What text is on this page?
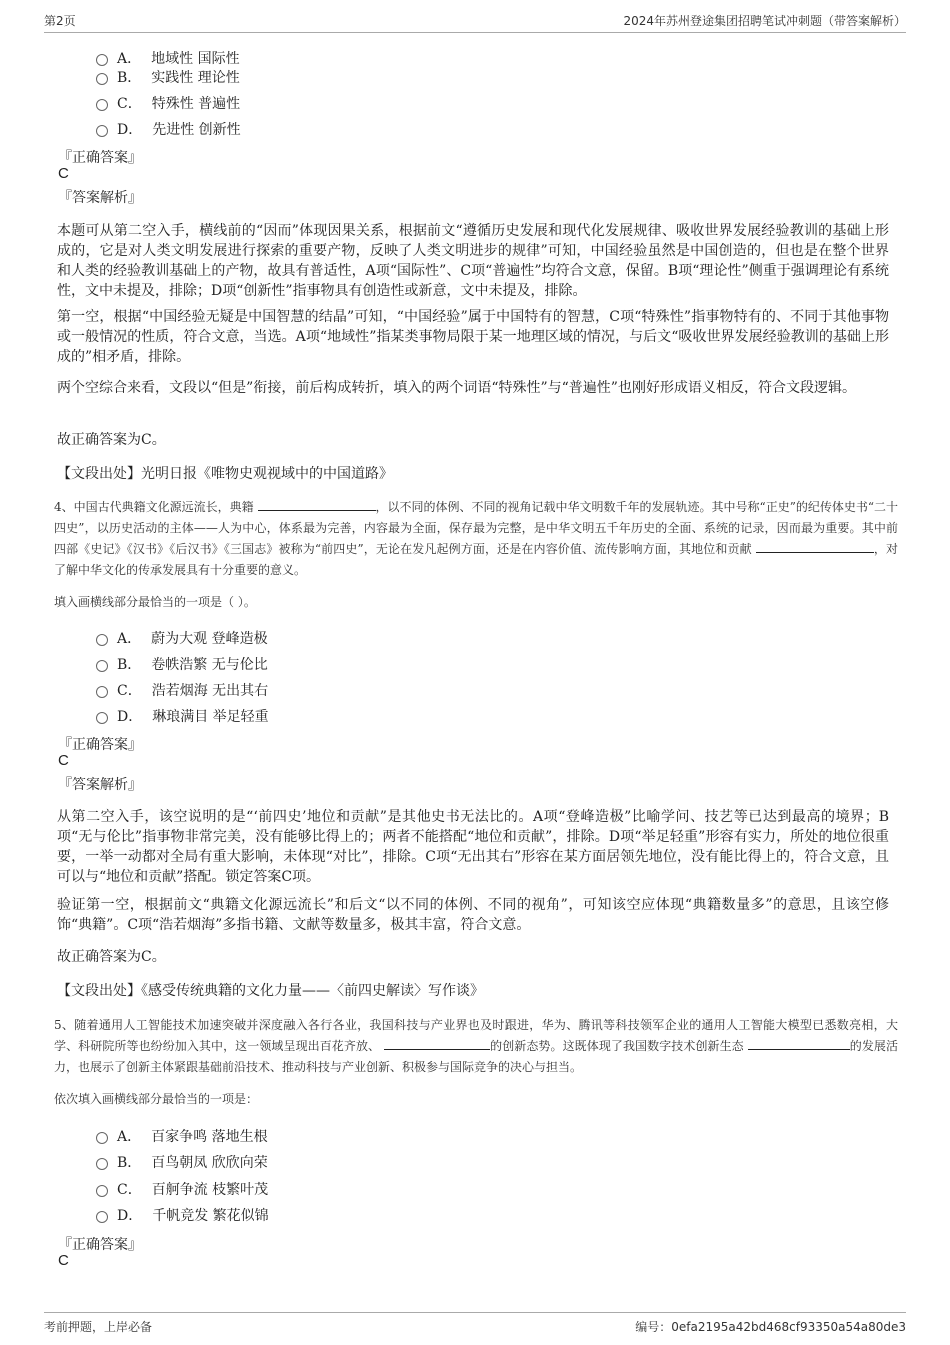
第2页	2024年苏州登途集团招聘笔试冲刺题（带答案解析）
A． 地域性 国际性
B． 实践性 理论性
C． 特殊性 普遍性
D． 先进性 创新性
『正确答案』
C
『答案解析』
本题可从第二空入手，横线前的“因而”体现因果关系，根据前文“遵循历史发展和现代化发展规律、吸收世界发展经验教训的基础上形成的，它是对人类文明发展进行探索的重要产物，反映了人类文明进步的规律”可知，中国经验虽然是中国创造的，但也是在整个世界和人类的经验教训基础上的产物，故具有普适性，A项“国际性”、C项“普遍性”均符合文意，保留。B项“理论性”侧重于强调理论有系统性，文中未提及，排除；D项“创新性”指事物具有创造性或新意，文中未提及，排除。
第一空，根据“中国经验无疑是中国智慧的结晶”可知，“中国经验”属于中国特有的智慧，C项“特殊性”指事物特有的、不同于其他事物或一般情况的性质，符合文意，当选。A项“地域性”指某类事物局限于某一地理区域的情况，与后文“吸收世界发展经验教训的基础上形成的”相矛盾，排除。
两个空综合来看，文段以“但是”衔接，前后构成转折，填入的两个词语“特殊性”与“普遍性”也刚好形成语义相反，符合文段逻辑。
故正确答案为C。
【文段出处】光明日报《唯物史观视域中的中国道路》
4、中国古代典籍文化源远流长，典籍	，以不同的体例、不同的视角记载中华文明数千年的发展轨迹。其中号称“正史”的纪传体史书“二十四史”，以历史活动的主体——人为中心，体系最为完善，内容最为全面，保存最为完整，是中华文明五千年历史的全面、系统的记录，因而最为重要。其中前四部《史记》《汉书》《后汉书》《三国志》被称为“前四史”，无论在发凡起例方面，还是在内容价值、流传影响方面，其地位和贡献	，对了解中华文化的传承发展具有十分重要的意义。
填入画横线部分最恰当的一项是（ ）。
A． 蔚为大观 登峰造极
B． 卷帙浩繁 无与伦比
C． 浩若烟海 无出其右
D． 琳琅满目 举足轻重
『正确答案』
C
『答案解析』
从第二空入手，该空说明的是“‘前四史’地位和贡献”是其他史书无法比的。A项“登峰造极”比喻学问、技艺等已达到最高的境界；B项“无与伦比”指事物非常完美，没有能够比得上的；两者不能搭配“地位和贡献”，排除。D项“举足轻重”形容有实力，所处的地位很重要，一举一动都对全局有重大影响，未体现“对比”，排除。C项“无出其右”形容在某方面居领先地位，没有能比得上的，符合文意，且可以与“地位和贡献”搭配。锁定答案C项。
验证第一空，根据前文“典籍文化源远流长”和后文“以不同的体例、不同的视角”，可知该空应体现“典籍数量多”的意思，且该空修饰“典籍”。C项“浩若烟海”多指书籍、文献等数量多，极其丰富，符合文意。
故正确答案为C。
【文段出处】《感受传统典籍的文化力量——〈前四史解读〉写作谈》
5、随着通用人工智能技术加速突破并深度融入各行各业，我国科技与产业界也及时跟进，华为、腾讯等科技领军企业的通用人工智能大模型已悉数亮相，大学、科研院所等也纷纷加入其中，这一领域呈现出百花齐放、	的创新态势。这既体现了我国数字技术创新生态	的发展活力，也展示了创新主体紧跟基础前沿技术、推动科技与产业创新、积极参与国际竞争的决心与担当。
依次填入画横线部分最恰当的一项是：
A． 百家争鸣 落地生根
B． 百鸟朝凤 欣欣向荣
C． 百舸争流 枝繁叶茂
D． 千帆竞发 繁花似锦
『正确答案』
C
考前押题，上岸必备	编号：0efa2195a42bd468cf93350a54a80de3
